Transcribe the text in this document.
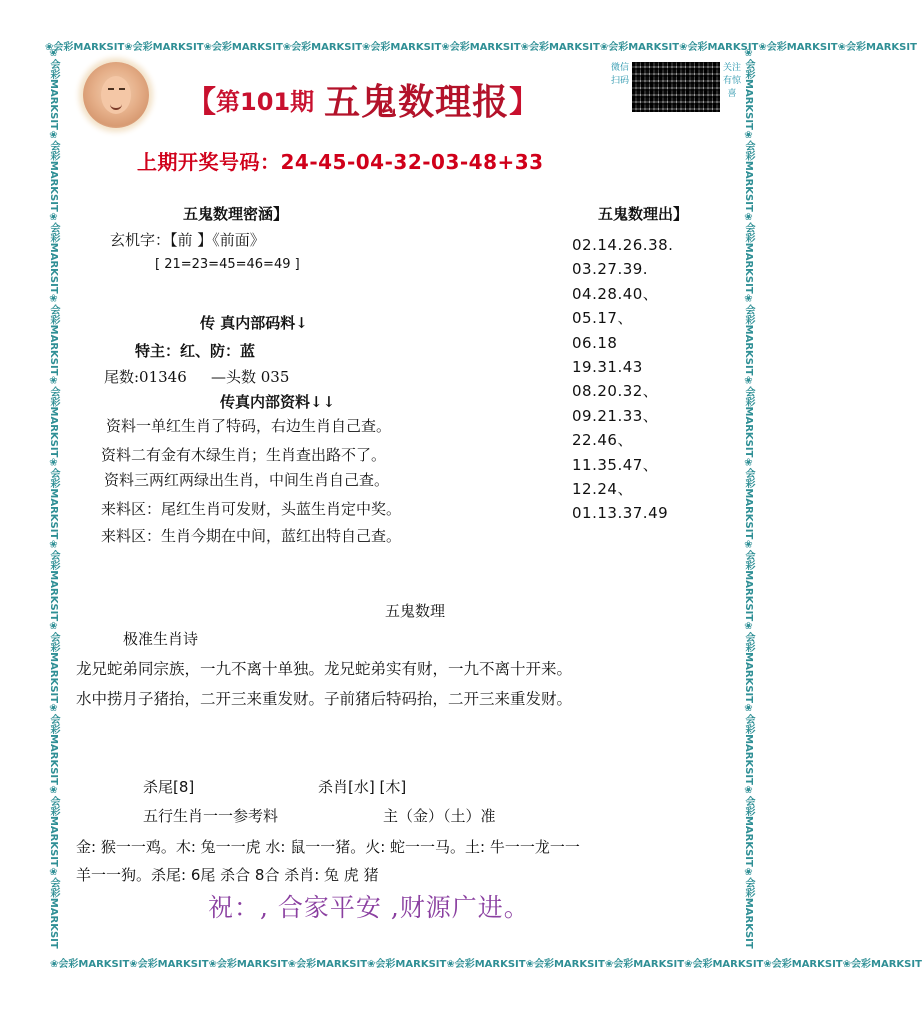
❀会彩MARKSIT❀会彩MARKSIT❀会彩MARKSIT❀会彩MARKSIT❀会彩MARKSIT❀会彩MARKSIT❀会彩MARKSIT❀会彩MARKSIT❀会彩MARKSIT❀会彩MARKSIT❀会彩MARKSIT
❀会彩MARKSIT❀会彩MARKSIT❀会彩MARKSIT❀会彩MARKSIT❀会彩MARKSIT❀会彩MARKSIT❀会彩MARKSIT❀会彩MARKSIT❀会彩MARKSIT❀会彩MARKSIT❀会彩MARKSIT
❀会彩MARKSIT❀会彩MARKSIT❀会彩MARKSIT❀会彩MARKSIT❀会彩MARKSIT❀会彩MARKSIT❀会彩MARKSIT❀会彩MARKSIT❀会彩MARKSIT❀会彩MARKSIT❀会彩MARKSIT	❀会彩MARKSIT❀会彩MARKSIT❀会彩MARKSIT❀会彩MARKSIT❀会彩MARKSIT❀会彩MARKSIT❀会彩MARKSIT❀会彩MARKSIT❀会彩MARKSIT❀会彩MARKSIT❀会彩MARKSIT
【 第101期 五鬼数理报 】
微信扫码
关注有惊喜
上期开奖号码：24-45-04-32-03-48+33
五鬼数理密涵】
玄机字：【前 】《前面》
[ 21=23=45=46=49 ]
传 真内部码料↓
特主：红、防：蓝
尾数:01346 —头数 035
传真内部资料↓↓
资料一单红生肖了特码，右边生肖自己查。
资料二有金有木绿生肖；生肖查出路不了。
资料三两红两绿出生肖，中间生肖自己查。
来料区：尾红生肖可发财，头蓝生肖定中奖。
来料区：生肖今期在中间，蓝红出特自己查。
五鬼数理出】
02.14.26.38.
03.27.39.
04.28.40、
05.17、
06.18
19.31.43
08.20.32、
09.21.33、
22.46、
11.35.47、
12.24、
01.13.37.49
五鬼数理
极准生肖诗
龙兄蛇弟同宗族，一九不离十单独。龙兄蛇弟实有财，一九不离十开来。
水中捞月子猪抬，二开三来重发财。子前猪后特码抬，二开三来重发财。
杀尾[8]	杀肖[水] [木]
五行生肖一一参考料	主（金）（土）准
金: 猴一一鸡。木: 兔一一虎 水: 鼠一一猪。火: 蛇一一马。土: 牛一一龙一一
羊一一狗。杀尾: 6尾 杀合 8合 杀肖: 兔 虎 猪
祝：, 合家平安 ,财源广进。
